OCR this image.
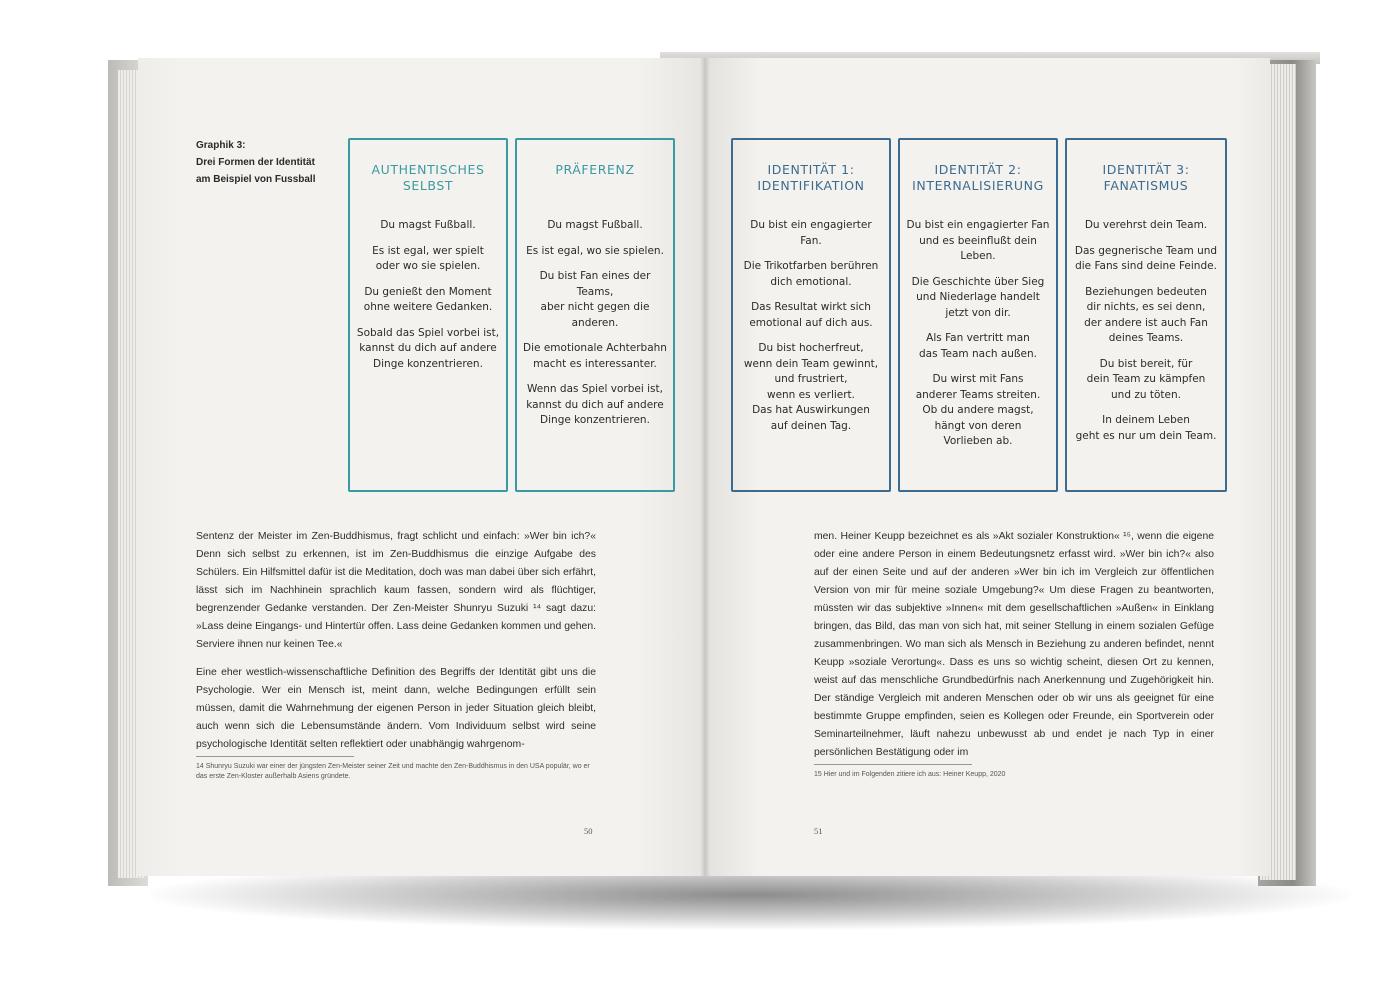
Graphik 3:
Drei Formen der Identität
am Beispiel von Fussball
AUTHENTISCHES SELBST
Du magst Fußball.
Es ist egal, wer spielt
oder wo sie spielen.
Du genießt den Moment
ohne weitere Gedanken.
Sobald das Spiel vorbei ist,
kannst du dich auf andere
Dinge konzentrieren.
PRÄFERENZ
Du magst Fußball.
Es ist egal, wo sie spielen.
Du bist Fan eines der Teams,
aber nicht gegen die anderen.
Die emotionale Achterbahn
macht es interessanter.
Wenn das Spiel vorbei ist,
kannst du dich auf andere
Dinge konzentrieren.
IDENTITÄT 1:
IDENTIFIKATION
Du bist ein engagierter Fan.
Die Trikotfarben berühren
dich emotional.
Das Resultat wirkt sich
emotional auf dich aus.
Du bist hocherfreut,
wenn dein Team gewinnt,
und frustriert,
wenn es verliert.
Das hat Auswirkungen
auf deinen Tag.
IDENTITÄT 2:
INTERNALISIERUNG
Du bist ein engagierter Fan
und es beeinflußt dein Leben.
Die Geschichte über Sieg
und Niederlage handelt
jetzt von dir.
Als Fan vertritt man
das Team nach außen.
Du wirst mit Fans
anderer Teams streiten.
Ob du andere magst,
hängt von deren
Vorlieben ab.
IDENTITÄT 3:
FANATISMUS
Du verehrst dein Team.
Das gegnerische Team und
die Fans sind deine Feinde.
Beziehungen bedeuten
dir nichts, es sei denn,
der andere ist auch Fan
deines Teams.
Du bist bereit, für
dein Team zu kämpfen
und zu töten.
In deinem Leben
geht es nur um dein Team.

Sentenz der Meister im Zen-Buddhismus, fragt schlicht und einfach: »Wer bin ich?« Denn sich selbst zu erkennen, ist im Zen-Buddhismus die einzige Aufgabe des Schülers. Ein Hilfsmittel dafür ist die Meditation, doch was man dabei über sich erfährt, lässt sich im Nachhinein sprachlich kaum fassen, sondern wird als flüchtiger, begrenzender Gedanke verstanden. Der Zen-Meister Shunryu Suzuki ¹⁴ sagt dazu: »Lass deine Eingangs- und Hintertür offen. Lass deine Gedanken kommen und gehen. Serviere ihnen nur keinen Tee.«

Eine eher westlich-wissenschaftliche Definition des Begriffs der Identität gibt uns die Psychologie. Wer ein Mensch ist, meint dann, welche Bedingungen erfüllt sein müssen, damit die Wahrnehmung der eigenen Person in jeder Situation gleich bleibt, auch wenn sich die Lebensumstände ändern. Vom Individuum selbst wird seine psychologische Identität selten reflektiert oder unabhängig wahrgenom-

14 Shunryu Suzuki war einer der jüngsten Zen-Meister seiner Zeit und machte den Zen-Buddhismus in den USA populär, wo er das erste Zen-Kloster außerhalb Asiens gründete.
50

men. Heiner Keupp bezeichnet es als »Akt sozialer Konstruktion« ¹⁵, wenn die eigene oder eine andere Person in einem Bedeutungsnetz erfasst wird. »Wer bin ich?« also auf der einen Seite und auf der anderen »Wer bin ich im Vergleich zur öffentlichen Version von mir für meine soziale Umgebung?« Um diese Fragen zu beantworten, müssten wir das subjektive »Innen« mit dem gesellschaftlichen »Außen« in Einklang bringen, das Bild, das man von sich hat, mit seiner Stellung in einem sozialen Gefüge zusammenbringen. Wo man sich als Mensch in Beziehung zu anderen befindet, nennt Keupp »soziale Verortung«. Dass es uns so wichtig scheint, diesen Ort zu kennen, weist auf das menschliche Grundbedürfnis nach Anerkennung und Zugehörigkeit hin. Der ständige Vergleich mit anderen Menschen oder ob wir uns als geeignet für eine bestimmte Gruppe empfinden, seien es Kollegen oder Freunde, ein Sportverein oder Seminarteilnehmer, läuft nahezu unbewusst ab und endet je nach Typ in einer persönlichen Bestätigung oder im

15 Hier und im Folgenden zitiere ich aus: Heiner Keupp, 2020
51
